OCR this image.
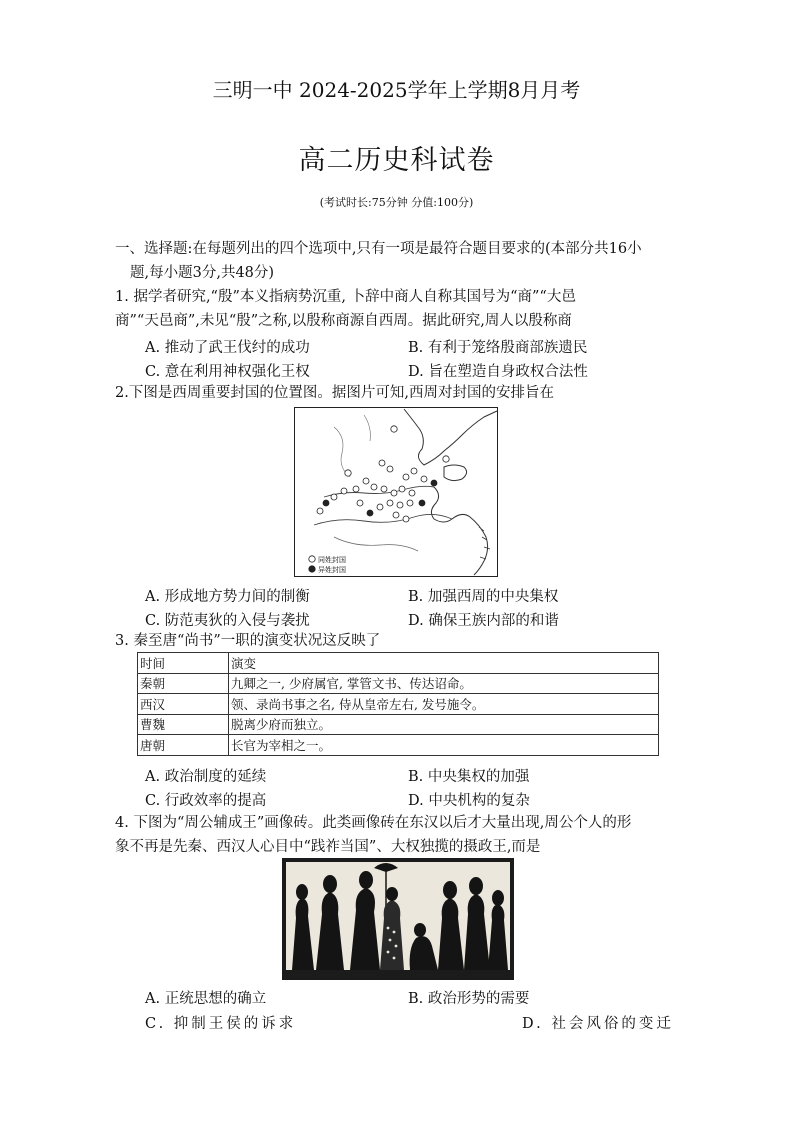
三明一中 2024-2025学年上学期8月月考
高二历史科试卷
(考试时长:75分钟 分值:100分)
一、选择题:在每题列出的四个选项中,只有一项是最符合题目要求的(本部分共16小
题,每小题3分,共48分)
1. 据学者研究,“殷”本义指病势沉重, 卜辞中商人自称其国号为“商”“大邑
商”“天邑商”,未见“殷”之称,以殷称商源自西周。据此研究,周人以殷称商
A. 推动了武王伐纣的成功	B. 有利于笼络殷商部族遗民
C. 意在利用神权强化王权	D. 旨在塑造自身政权合法性
2.下图是西周重要封国的位置图。据图片可知,西周对封国的安排旨在
同姓封国
异姓封国
A. 形成地方势力间的制衡	B. 加强西周的中央集权
C. 防范夷狄的入侵与袭扰	D. 确保王族内部的和谐
3. 秦至唐“尚书”一职的演变状况这反映了
时间	演变
秦朝	九卿之一, 少府属官, 掌管文书、传达诏命。
西汉	领、录尚书事之名, 侍从皇帝左右, 发号施令。
曹魏	脱离少府而独立。
唐朝	长官为宰相之一。
A. 政治制度的延续	B. 中央集权的加强
C. 行政效率的提高	D. 中央机构的复杂
4. 下图为“周公辅成王”画像砖。此类画像砖在东汉以后才大量出现,周公个人的形
象不再是先秦、西汉人心目中“践祚当国”、大权独揽的摄政王,而是
A. 正统思想的确立	B. 政治形势的需要
C. 抑制王侯的诉求	D. 社会风俗的变迁
